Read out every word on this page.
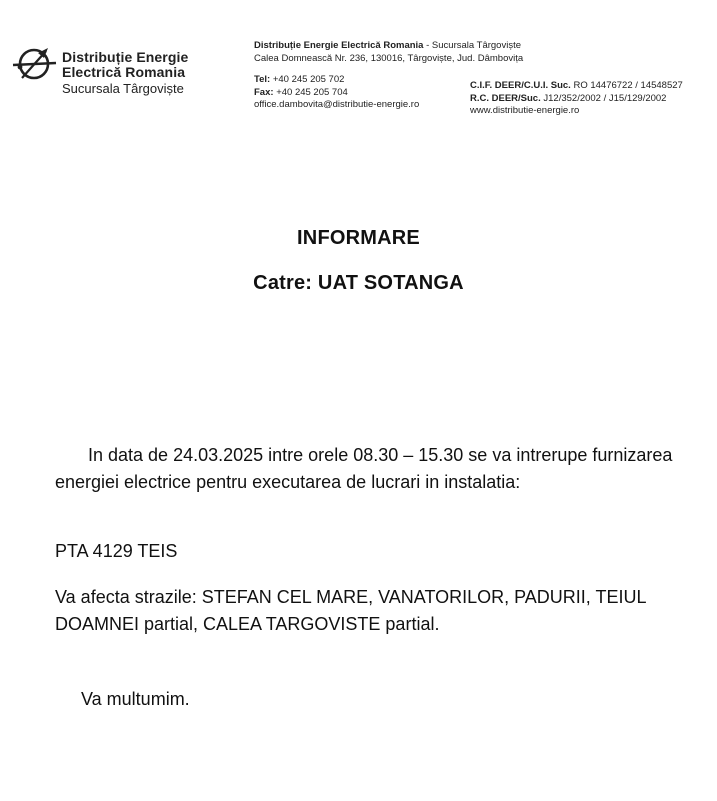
Distribuție Energie
Electrică Romania
Sucursala Târgoviște
Distribuție Energie Electrică Romania - Sucursala Târgoviște
Calea Domnească Nr. 236, 130016, Târgoviște, Jud. Dâmbovița
Tel: +40 245 205 702
Fax: +40 245 205 704
office.dambovita@distributie-energie.ro
C.I.F. DEER/C.U.I. Suc. RO 14476722 / 14548527
R.C. DEER/Suc. J12/352/2002 / J15/129/2002
www.distributie-energie.ro
INFORMARE
Catre: UAT SOTANGA
In data de 24.03.2025 intre orele 08.30 – 15.30 se va intrerupe furnizarea energiei electrice pentru executarea de lucrari in instalatia:
PTA 4129 TEIS
Va afecta strazile: STEFAN CEL MARE, VANATORILOR, PADURII, TEIUL DOAMNEI partial, CALEA TARGOVISTE partial.
Va multumim.
